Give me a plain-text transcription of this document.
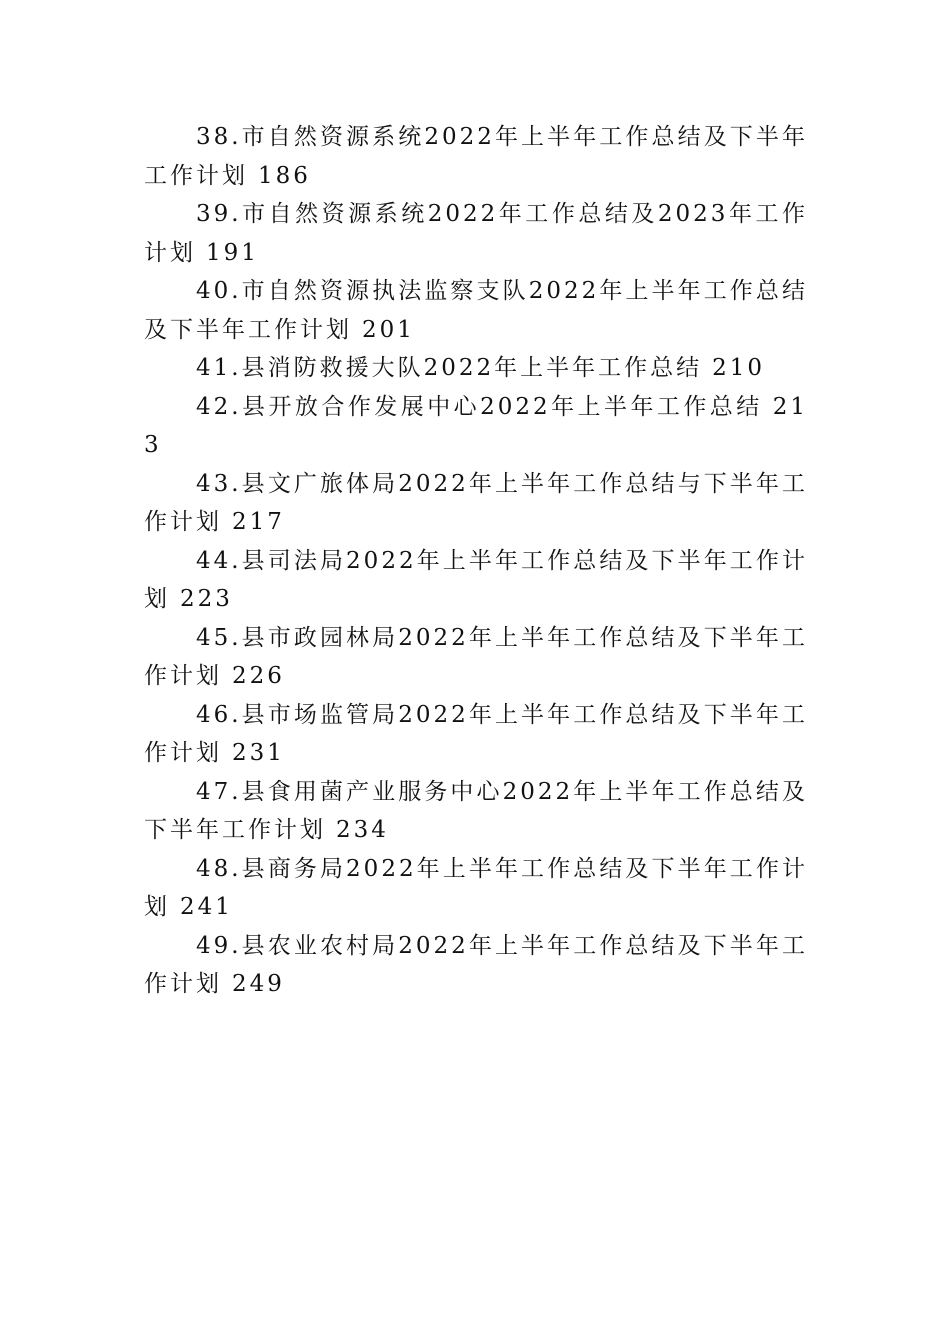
38.市自然资源系统2022年上半年工作总结及下半年工作计划 186

39.市自然资源系统2022年工作总结及2023年工作计划 191

40.市自然资源执法监察支队2022年上半年工作总结及下半年工作计划 201

41.县消防救援大队2022年上半年工作总结 210

42.县开放合作发展中心2022年上半年工作总结 213

43.县文广旅体局2022年上半年工作总结与下半年工作计划 217

44.县司法局2022年上半年工作总结及下半年工作计划 223

45.县市政园林局2022年上半年工作总结及下半年工作计划 226

46.县市场监管局2022年上半年工作总结及下半年工作计划 231

47.县食用菌产业服务中心2022年上半年工作总结及下半年工作计划 234

48.县商务局2022年上半年工作总结及下半年工作计划 241

49.县农业农村局2022年上半年工作总结及下半年工作计划 249
